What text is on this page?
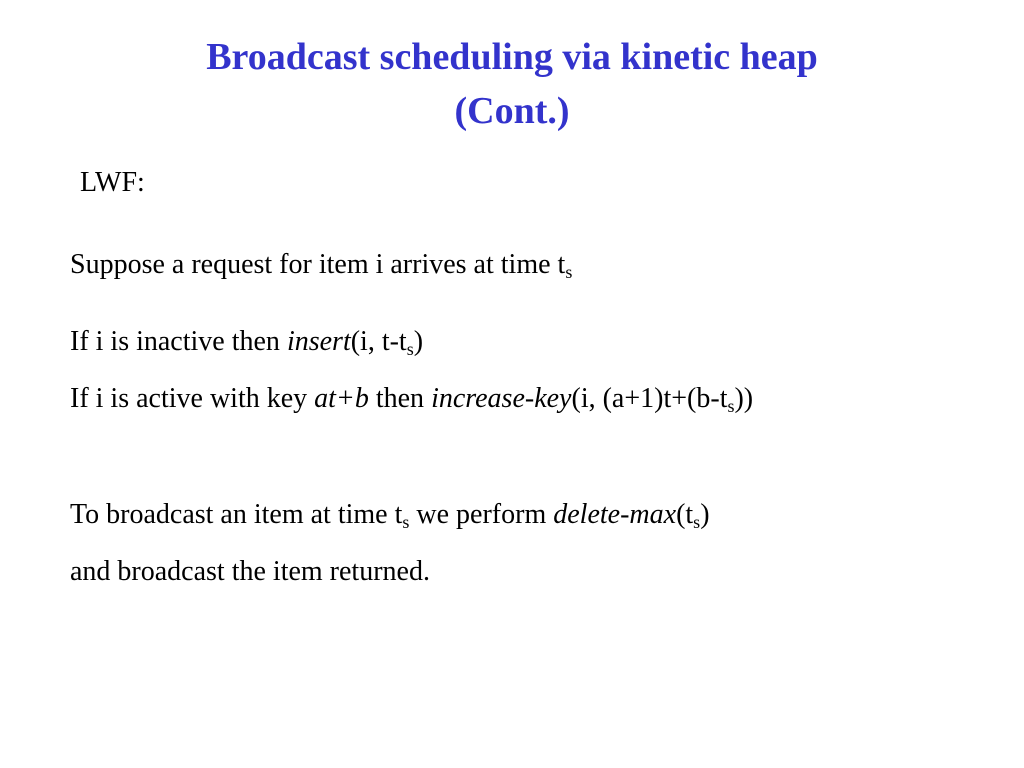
Broadcast scheduling via kinetic heap
(Cont.)
LWF:
Suppose a request for item i arrives at time $t_s$
If i is inactive then insert(i, $t-t_s$)
If i is active with key at+b then increase-key(i, $(a+1)t+(b-t_s)$)
To broadcast an item at time $t_s$ we perform delete-$\max(t_s)$
and broadcast the item returned.
